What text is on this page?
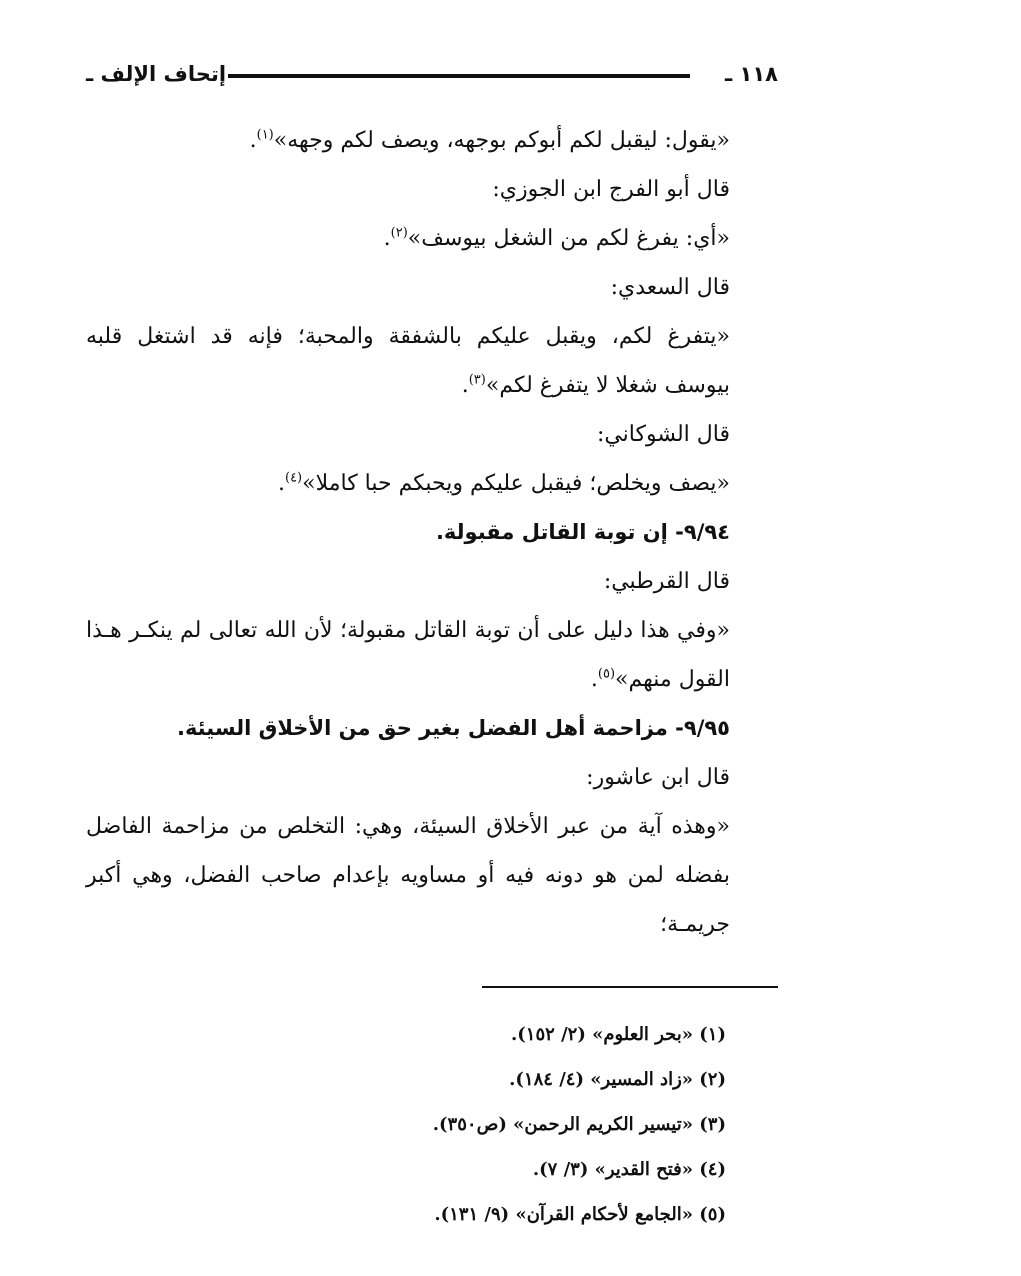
إتحاف الإلف ـ	١١٨ ـ

«يقول: ليقبل لكم أبوكم بوجهه، ويصف لكم وجهه»$^{(١)}$.

قال أبو الفرج ابن الجوزي:

«أي: يفرغ لكم من الشغل بيوسف»$^{(٢)}$.

قال السعدي:

«يتفرغ لكم، ويقبل عليكم بالشفقة والمحبة؛ فإنه قد اشتغل قلبه بيوسف شغلا لا يتفرغ لكم»$^{(٣)}$.

قال الشوكاني:

«يصف ويخلص؛ فيقبل عليكم ويحبكم حبا كاملا»$^{(٤)}$.

٩/٩٤- إن توبة القاتل مقبولة.

قال القرطبي:

«وفي هذا دليل على أن توبة القاتل مقبولة؛ لأن الله تعالى لم ينكـر هـذا القول منهم»$^{(٥)}$.

٩/٩٥- مزاحمة أهل الفضل بغير حق من الأخلاق السيئة.

قال ابن عاشور:

«وهذه آية من عبر الأخلاق السيئة، وهي: التخلص من مزاحمة الفاضل بفضله لمن هو دونه فيه أو مساويه بإعدام صاحب الفضل، وهي أكبر جريمـة؛

(١) «بحر العلوم» (٢/ ١٥٢).

(٢) «زاد المسير» (٤/ ١٨٤).

(٣) «تيسير الكريم الرحمن» (ص٣٥٠).

(٤) «فتح القدير» (٣/ ٧).

(٥) «الجامع لأحكام القرآن» (٩/ ١٣١).
